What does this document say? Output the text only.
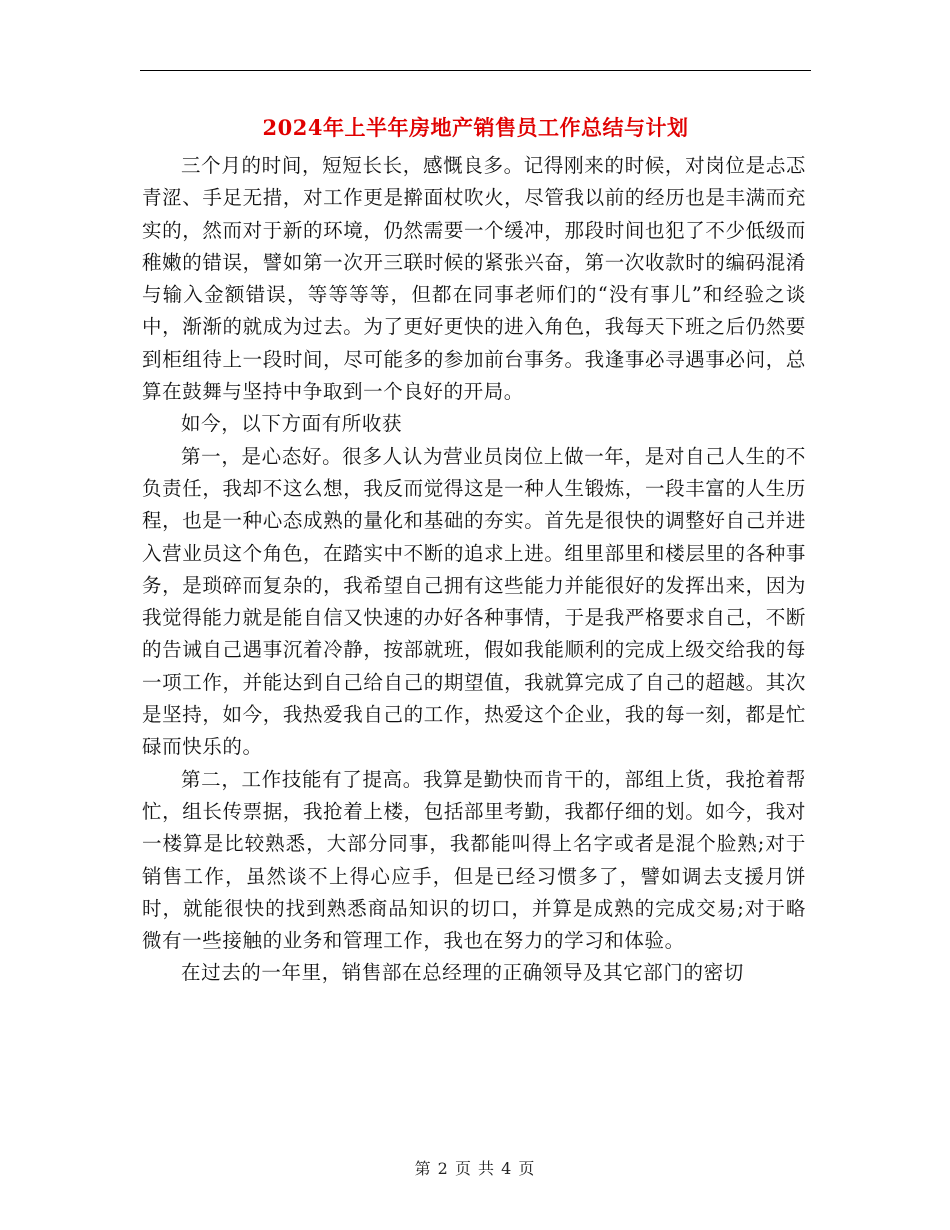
2024年上半年房地产销售员工作总结与计划

三个月的时间，短短长长，感慨良多。记得刚来的时候，对岗位是忐忑青涩、手足无措，对工作更是擀面杖吹火，尽管我以前的经历也是丰满而充实的，然而对于新的环境，仍然需要一个缓冲，那段时间也犯了不少低级而稚嫩的错误，譬如第一次开三联时候的紧张兴奋，第一次收款时的编码混淆与输入金额错误，等等等等，但都在同事老师们的“没有事儿”和经验之谈中，渐渐的就成为过去。为了更好更快的进入角色，我每天下班之后仍然要到柜组待上一段时间，尽可能多的参加前台事务。我逢事必寻遇事必问，总算在鼓舞与坚持中争取到一个良好的开局。

如今，以下方面有所收获

第一，是心态好。很多人认为营业员岗位上做一年，是对自己人生的不负责任，我却不这么想，我反而觉得这是一种人生锻炼，一段丰富的人生历程，也是一种心态成熟的量化和基础的夯实。首先是很快的调整好自己并进入营业员这个角色，在踏实中不断的追求上进。组里部里和楼层里的各种事务，是琐碎而复杂的，我希望自己拥有这些能力并能很好的发挥出来，因为我觉得能力就是能自信又快速的办好各种事情，于是我严格要求自己，不断的告诫自己遇事沉着冷静，按部就班，假如我能顺利的完成上级交给我的每一项工作，并能达到自己给自己的期望值，我就算完成了自己的超越。其次是坚持，如今，我热爱我自己的工作，热爱这个企业，我的每一刻，都是忙碌而快乐的。

第二，工作技能有了提高。我算是勤快而肯干的，部组上货，我抢着帮忙，组长传票据，我抢着上楼，包括部里考勤，我都仔细的划。如今，我对一楼算是比较熟悉，大部分同事，我都能叫得上名字或者是混个脸熟;对于销售工作，虽然谈不上得心应手，但是已经习惯多了，譬如调去支援月饼时，就能很快的找到熟悉商品知识的切口，并算是成熟的完成交易;对于略微有一些接触的业务和管理工作，我也在努力的学习和体验。

在过去的一年里，销售部在总经理的正确领导及其它部门的密切

第 2 页 共 4 页
